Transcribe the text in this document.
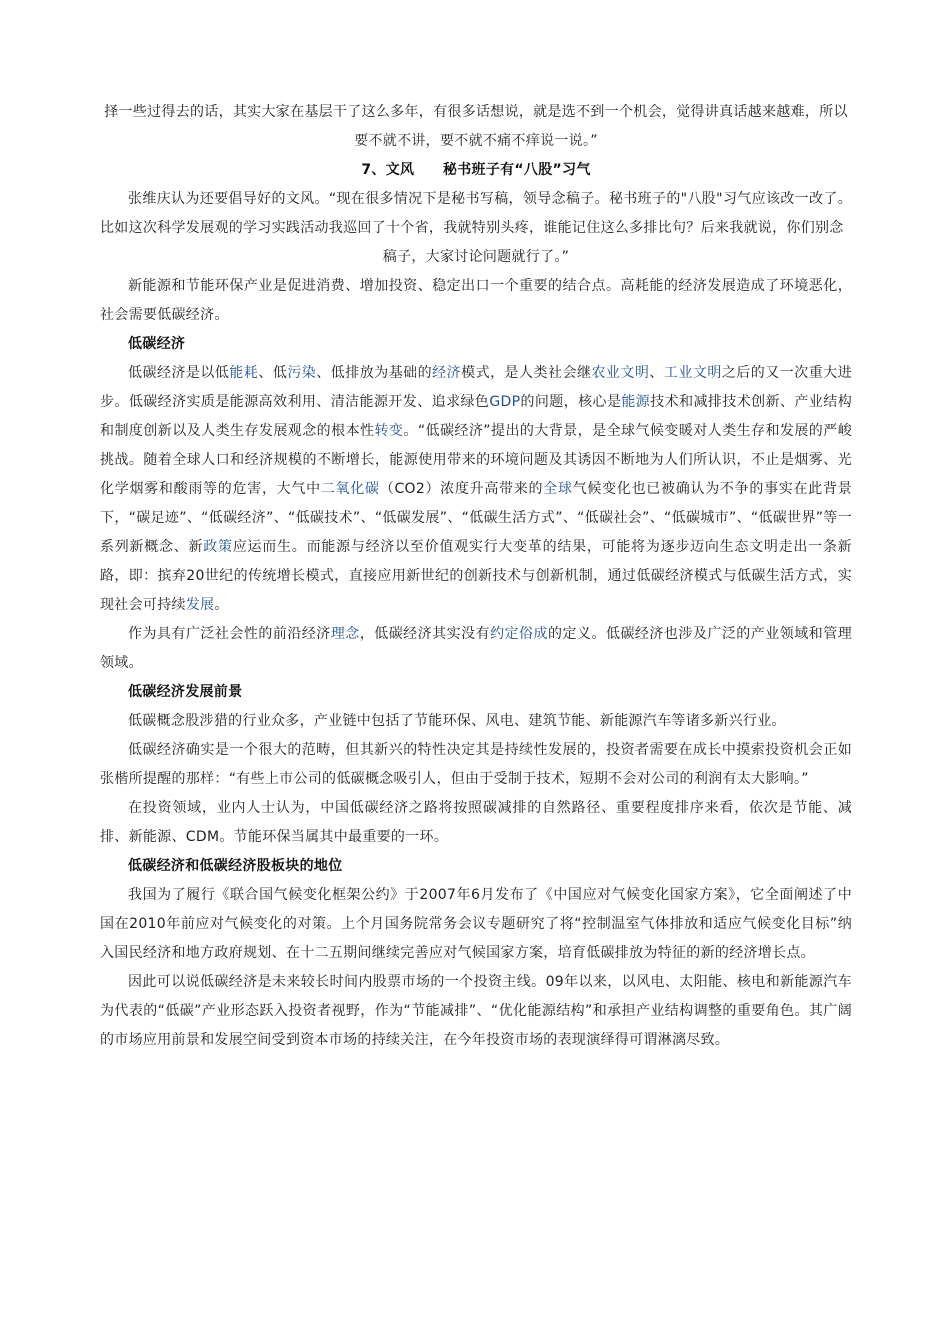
择一些过得去的话，其实大家在基层干了这么多年，有很多话想说，就是选不到一个机会，觉得讲真话越来越难，所以

要不就不讲，要不就不痛不痒说一说。”

7、文风　　秘书班子有“八股”习气

张维庆认为还要倡导好的文风。“现在很多情况下是秘书写稿，领导念稿子。秘书班子的"八股"习气应该改一改了。比如这次科学发展观的学习实践活动我巡回了十个省，我就特别头疼，谁能记住这么多排比句？后来我就说，你们别念

稿子，大家讨论问题就行了。”

新能源和节能环保产业是促进消费、增加投资、稳定出口一个重要的结合点。高耗能的经济发展造成了环境恶化，社会需要低碳经济。

低碳经济

低碳经济是以低能耗、低污染、低排放为基础的经济模式，是人类社会继农业文明、工业文明之后的又一次重大进步。低碳经济实质是能源高效利用、清洁能源开发、追求绿色GDP的问题，核心是能源技术和减排技术创新、产业结构和制度创新以及人类生存发展观念的根本性转变。“低碳经济”提出的大背景，是全球气候变暖对人类生存和发展的严峻挑战。随着全球人口和经济规模的不断增长，能源使用带来的环境问题及其诱因不断地为人们所认识，不止是烟雾、光化学烟雾和酸雨等的危害，大气中二氧化碳（CO2）浓度升高带来的全球气候变化也已被确认为不争的事实在此背景下，“碳足迹”、“低碳经济”、“低碳技术”、“低碳发展”、“低碳生活方式”、“低碳社会”、“低碳城市”、“低碳世界”等一系列新概念、新政策应运而生。而能源与经济以至价值观实行大变革的结果，可能将为逐步迈向生态文明走出一条新路，即：摈弃20世纪的传统增长模式，直接应用新世纪的创新技术与创新机制，通过低碳经济模式与低碳生活方式，实现社会可持续发展。

作为具有广泛社会性的前沿经济理念，低碳经济其实没有约定俗成的定义。低碳经济也涉及广泛的产业领域和管理领域。

低碳经济发展前景

低碳概念股涉猎的行业众多，产业链中包括了节能环保、风电、建筑节能、新能源汽车等诸多新兴行业。

低碳经济确实是一个很大的范畴，但其新兴的特性决定其是持续性发展的，投资者需要在成长中摸索投资机会正如张楷所提醒的那样：“有些上市公司的低碳概念吸引人，但由于受制于技术，短期不会对公司的利润有太大影响。”

在投资领域，业内人士认为，中国低碳经济之路将按照碳减排的自然路径、重要程度排序来看，依次是节能、减排、新能源、CDM。节能环保当属其中最重要的一环。

低碳经济和低碳经济股板块的地位

我国为了履行《联合国气候变化框架公约》于2007年6月发布了《中国应对气候变化国家方案》，它全面阐述了中国在2010年前应对气候变化的对策。上个月国务院常务会议专题研究了将“控制温室气体排放和适应气候变化目标”纳入国民经济和地方政府规划、在十二五期间继续完善应对气候国家方案，培育低碳排放为特征的新的经济增长点。

因此可以说低碳经济是未来较长时间内股票市场的一个投资主线。09年以来，以风电、太阳能、核电和新能源汽车为代表的“低碳”产业形态跃入投资者视野，作为“节能减排”、“优化能源结构”和承担产业结构调整的重要角色。其广阔的市场应用前景和发展空间受到资本市场的持续关注，在今年投资市场的表现演绎得可谓淋漓尽致。
